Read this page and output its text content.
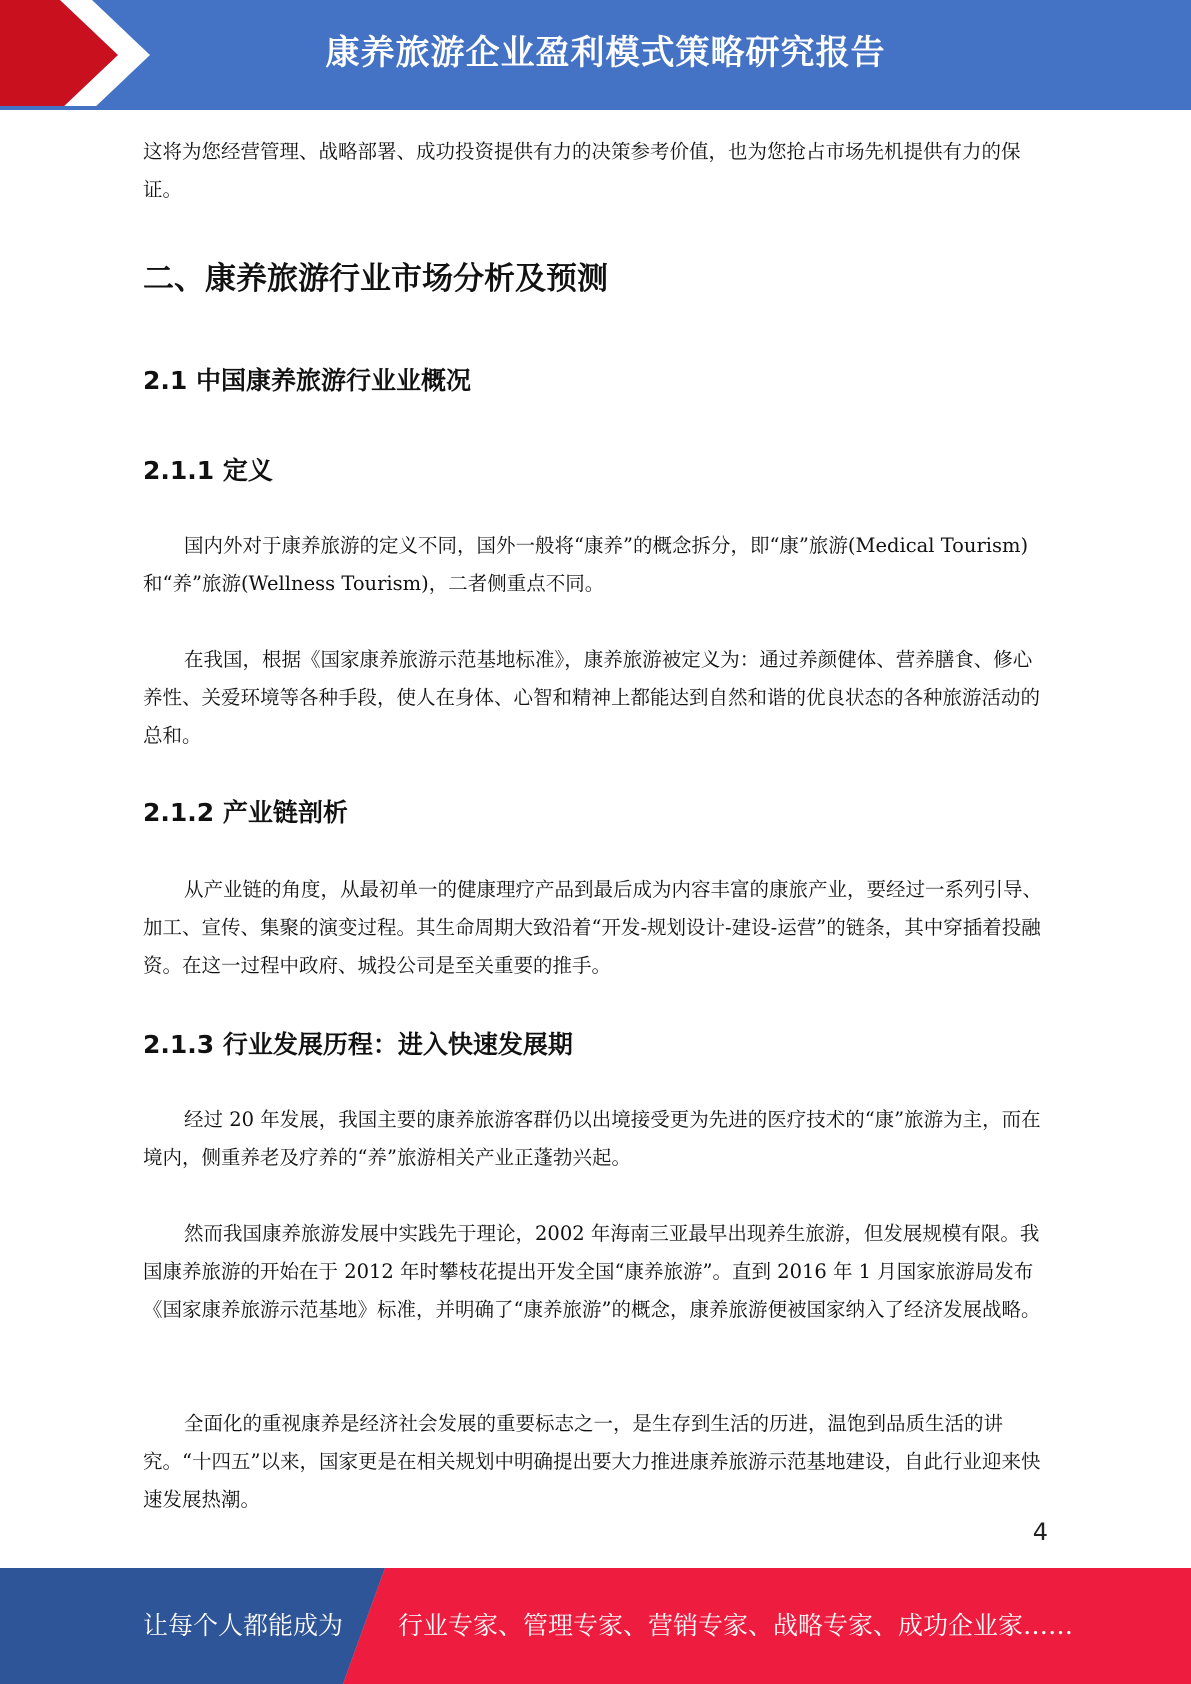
康养旅游企业盈利模式策略研究报告

这将为您经营管理、战略部署、成功投资提供有力的决策参考价值，也为您抢占市场先机提供有力的保证。

二、康养旅游行业市场分析及预测
2.1 中国康养旅游行业业概况
2.1.1 定义

国内外对于康养旅游的定义不同，国外一般将“康养”的概念拆分，即“康”旅游(Medical Tourism)和“养”旅游(Wellness Tourism)，二者侧重点不同。

在我国，根据《国家康养旅游示范基地标准》，康养旅游被定义为：通过养颜健体、营养膳食、修心养性、关爱环境等各种手段，使人在身体、心智和精神上都能达到自然和谐的优良状态的各种旅游活动的总和。

2.1.2 产业链剖析

从产业链的角度，从最初单一的健康理疗产品到最后成为内容丰富的康旅产业，要经过一系列引导、加工、宣传、集聚的演变过程。其生命周期大致沿着“开发-规划设计-建设-运营”的链条，其中穿插着投融资。在这一过程中政府、城投公司是至关重要的推手。

2.1.3 行业发展历程：进入快速发展期

经过 20 年发展，我国主要的康养旅游客群仍以出境接受更为先进的医疗技术的“康”旅游为主，而在境内，侧重养老及疗养的“养”旅游相关产业正蓬勃兴起。

然而我国康养旅游发展中实践先于理论，2002 年海南三亚最早出现养生旅游，但发展规模有限。我国康养旅游的开始在于 2012 年时攀枝花提出开发全国“康养旅游”。直到 2016 年 1 月国家旅游局发布《国家康养旅游示范基地》标准，并明确了“康养旅游”的概念，康养旅游便被国家纳入了经济发展战略。

全面化的重视康养是经济社会发展的重要标志之一，是生存到生活的历进，温饱到品质生活的讲究。“十四五”以来，国家更是在相关规划中明确提出要大力推进康养旅游示范基地建设，自此行业迎来快速发展热潮。

4
让每个人都能成为 行业专家、管理专家、营销专家、战略专家、成功企业家……
